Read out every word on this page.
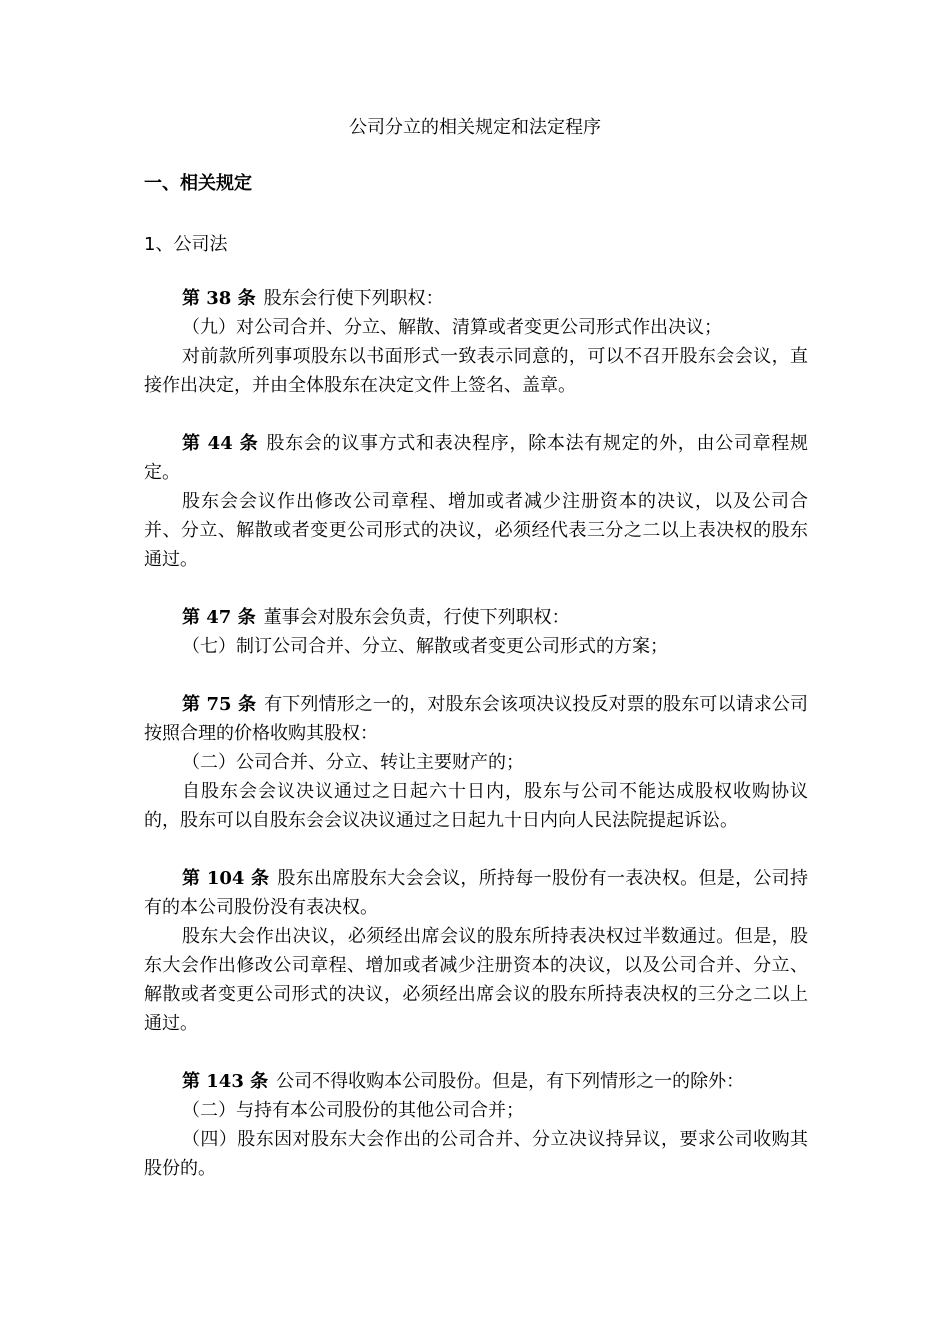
公司分立的相关规定和法定程序
一、相关规定
1、公司法

第 38 条 股东会行使下列职权：

（九）对公司合并、分立、解散、清算或者变更公司形式作出决议；

对前款所列事项股东以书面形式一致表示同意的，可以不召开股东会会议，直接作出决定，并由全体股东在决定文件上签名、盖章。

第 44 条 股东会的议事方式和表决程序，除本法有规定的外，由公司章程规定。

股东会会议作出修改公司章程、增加或者减少注册资本的决议，以及公司合并、分立、解散或者变更公司形式的决议，必须经代表三分之二以上表决权的股东通过。

第 47 条 董事会对股东会负责，行使下列职权：

（七）制订公司合并、分立、解散或者变更公司形式的方案；

第 75 条 有下列情形之一的，对股东会该项决议投反对票的股东可以请求公司按照合理的价格收购其股权：

（二）公司合并、分立、转让主要财产的；

自股东会会议决议通过之日起六十日内，股东与公司不能达成股权收购协议的，股东可以自股东会会议决议通过之日起九十日内向人民法院提起诉讼。

第 104 条 股东出席股东大会会议，所持每一股份有一表决权。但是，公司持有的本公司股份没有表决权。

股东大会作出决议，必须经出席会议的股东所持表决权过半数通过。但是，股东大会作出修改公司章程、增加或者减少注册资本的决议，以及公司合并、分立、解散或者变更公司形式的决议，必须经出席会议的股东所持表决权的三分之二以上通过。

第 143 条 公司不得收购本公司股份。但是，有下列情形之一的除外：

（二）与持有本公司股份的其他公司合并；

（四）股东因对股东大会作出的公司合并、分立决议持异议，要求公司收购其股份的。
